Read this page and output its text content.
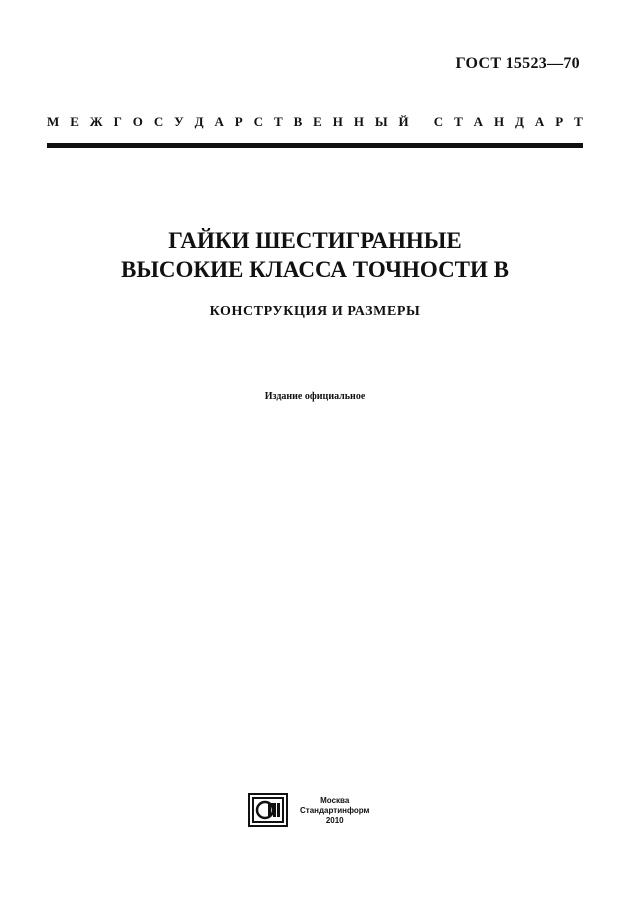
ГОСТ 15523—70
М Е Ж Г О С У Д А Р С Т В Е Н Н Ы Й
С Т А Н Д А Р Т
ГАЙКИ ШЕСТИГРАННЫЕ
ВЫСОКИЕ КЛАССА ТОЧНОСТИ В
КОНСТРУКЦИЯ И РАЗМЕРЫ
Издание официальное
Москва
Стандартинформ
2010
